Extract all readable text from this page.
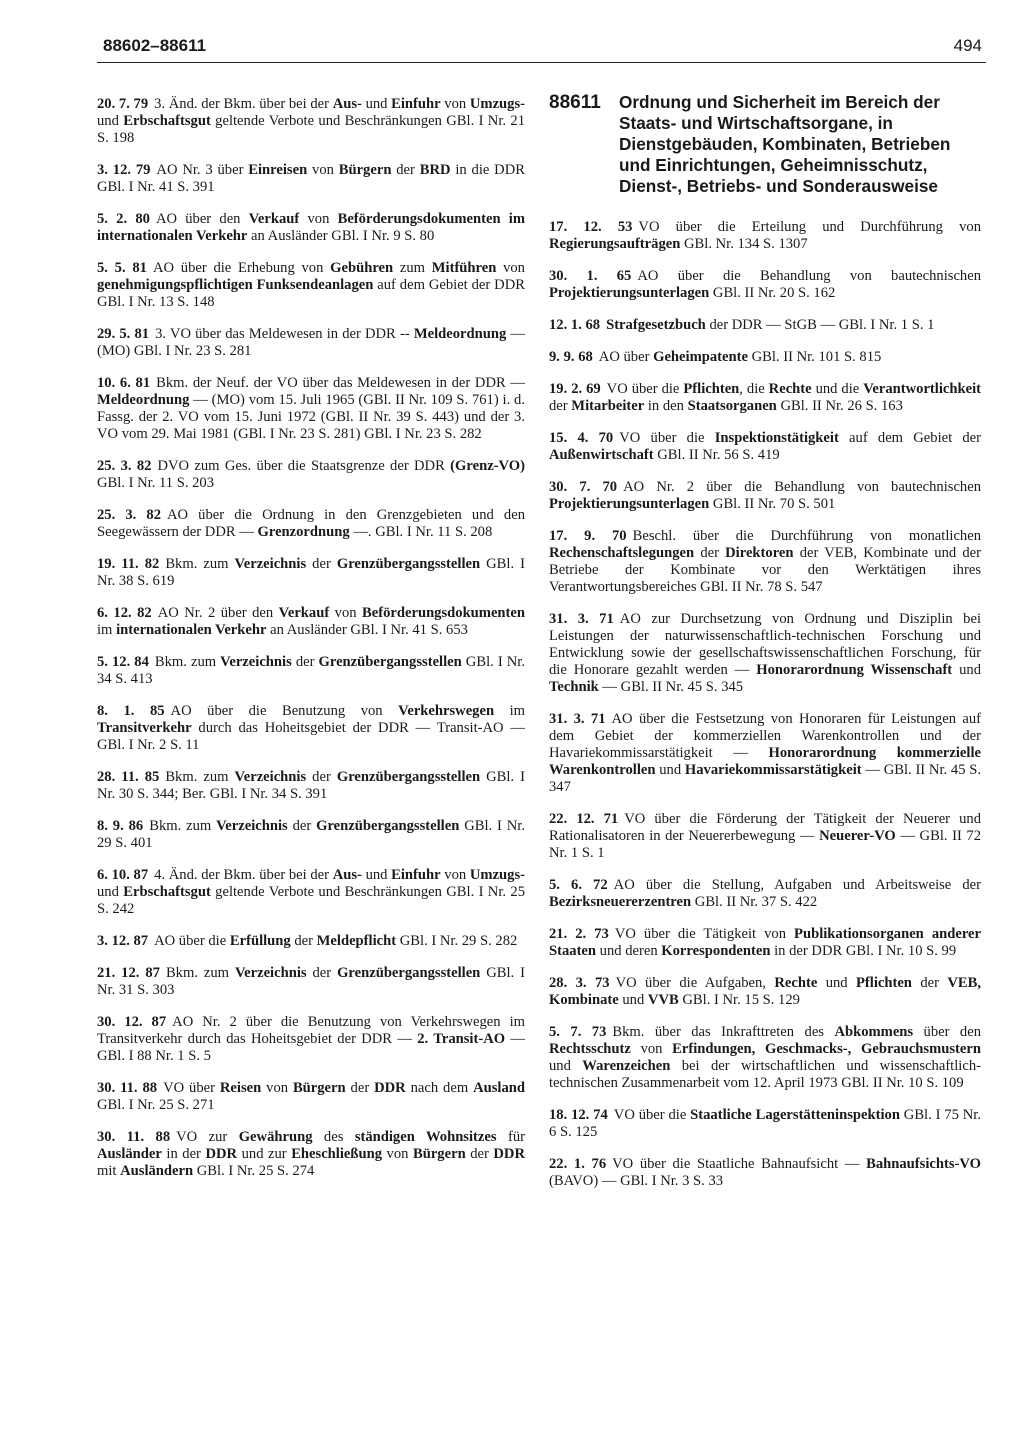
88602–88611	494

20. 7. 79 3. Änd. der Bkm. über bei der Aus- und Einfuhr von Umzugs- und Erbschaftsgut geltende Verbote und Beschränkungen GBl. I Nr. 21 S. 198

3. 12. 79 AO Nr. 3 über Einreisen von Bürgern der BRD in die DDR GBl. I Nr. 41 S. 391

5. 2. 80 AO über den Verkauf von Beförderungsdokumenten im internationalen Verkehr an Ausländer GBl. I Nr. 9 S. 80

5. 5. 81 AO über die Erhebung von Gebühren zum Mitführen von genehmigungspflichtigen Funksendeanlagen auf dem Gebiet der DDR GBl. I Nr. 13 S. 148

29. 5. 81 3. VO über das Meldewesen in der DDR -- Meldeordnung — (MO) GBl. I Nr. 23 S. 281

10. 6. 81 Bkm. der Neuf. der VO über das Meldewesen in der DDR — Meldeordnung — (MO) vom 15. Juli 1965 (GBl. II Nr. 109 S. 761) i. d. Fassg. der 2. VO vom 15. Juni 1972 (GBl. II Nr. 39 S. 443) und der 3. VO vom 29. Mai 1981 (GBl. I Nr. 23 S. 281) GBl. I Nr. 23 S. 282

25. 3. 82 DVO zum Ges. über die Staatsgrenze der DDR (Grenz-VO) GBl. I Nr. 11 S. 203

25. 3. 82 AO über die Ordnung in den Grenzgebieten und den Seegewässern der DDR — Grenzordnung —. GBl. I Nr. 11 S. 208

19. 11. 82 Bkm. zum Verzeichnis der Grenzübergangsstellen GBl. I Nr. 38 S. 619

6. 12. 82 AO Nr. 2 über den Verkauf von Beförderungsdokumenten im internationalen Verkehr an Ausländer GBl. I Nr. 41 S. 653

5. 12. 84 Bkm. zum Verzeichnis der Grenzübergangsstellen GBl. I Nr. 34 S. 413

8. 1. 85 AO über die Benutzung von Verkehrswegen im Transitverkehr durch das Hoheitsgebiet der DDR — Transit-AO — GBl. I Nr. 2 S. 11

28. 11. 85 Bkm. zum Verzeichnis der Grenzübergangsstellen GBl. I Nr. 30 S. 344; Ber. GBl. I Nr. 34 S. 391

8. 9. 86 Bkm. zum Verzeichnis der Grenzübergangsstellen GBl. I Nr. 29 S. 401

6. 10. 87 4. Änd. der Bkm. über bei der Aus- und Einfuhr von Umzugs- und Erbschaftsgut geltende Verbote und Beschränkungen GBl. I Nr. 25 S. 242

3. 12. 87 AO über die Erfüllung der Meldepflicht GBl. I Nr. 29 S. 282

21. 12. 87 Bkm. zum Verzeichnis der Grenzübergangsstellen GBl. I Nr. 31 S. 303

30. 12. 87 AO Nr. 2 über die Benutzung von Verkehrswegen im Transitverkehr durch das Hoheitsgebiet der DDR — 2. Transit-AO — GBl. I 88 Nr. 1 S. 5

30. 11. 88 VO über Reisen von Bürgern der DDR nach dem Ausland GBl. I Nr. 25 S. 271

30. 11. 88 VO zur Gewährung des ständigen Wohnsitzes für Ausländer in der DDR und zur Eheschließung von Bürgern der DDR mit Ausländern GBl. I Nr. 25 S. 274

88611	Ordnung und Sicherheit im Bereich der Staats- und Wirtschaftsorgane, in Dienstgebäuden, Kombinaten, Betrieben und Einrichtungen, Geheimnisschutz, Dienst-, Betriebs- und Sonderausweise

17. 12. 53 VO über die Erteilung und Durchführung von Regierungsaufträgen GBl. Nr. 134 S. 1307

30. 1. 65 AO über die Behandlung von bautechnischen Projektierungsunterlagen GBl. II Nr. 20 S. 162

12. 1. 68 Strafgesetzbuch der DDR — StGB — GBl. I Nr. 1 S. 1

9. 9. 68 AO über Geheimpatente GBl. II Nr. 101 S. 815

19. 2. 69 VO über die Pflichten, die Rechte und die Verantwortlichkeit der Mitarbeiter in den Staatsorganen GBl. II Nr. 26 S. 163

15. 4. 70 VO über die Inspektionstätigkeit auf dem Gebiet der Außenwirtschaft GBl. II Nr. 56 S. 419

30. 7. 70 AO Nr. 2 über die Behandlung von bautechnischen Projektierungsunterlagen GBl. II Nr. 70 S. 501

17. 9. 70 Beschl. über die Durchführung von monatlichen Rechenschaftslegungen der Direktoren der VEB, Kombinate und der Betriebe der Kombinate vor den Werktätigen ihres Verantwortungsbereiches GBl. II Nr. 78 S. 547

31. 3. 71 AO zur Durchsetzung von Ordnung und Disziplin bei Leistungen der naturwissenschaftlich-technischen Forschung und Entwicklung sowie der gesellschaftswissenschaftlichen Forschung, für die Honorare gezahlt werden — Honorarordnung Wissenschaft und Technik — GBl. II Nr. 45 S. 345

31. 3. 71 AO über die Festsetzung von Honoraren für Leistungen auf dem Gebiet der kommerziellen Warenkontrollen und der Havariekommissarstätigkeit — Honorarordnung kommerzielle Warenkontrollen und Havariekommissarstätigkeit — GBl. II Nr. 45 S. 347

22. 12. 71 VO über die Förderung der Tätigkeit der Neuerer und Rationalisatoren in der Neuererbewegung — Neuerer-VO — GBl. II 72 Nr. 1 S. 1

5. 6. 72 AO über die Stellung, Aufgaben und Arbeitsweise der Bezirksneuererzentren GBl. II Nr. 37 S. 422

21. 2. 73 VO über die Tätigkeit von Publikationsorganen anderer Staaten und deren Korrespondenten in der DDR GBl. I Nr. 10 S. 99

28. 3. 73 VO über die Aufgaben, Rechte und Pflichten der VEB, Kombinate und VVB GBl. I Nr. 15 S. 129

5. 7. 73 Bkm. über das Inkrafttreten des Abkommens über den Rechtsschutz von Erfindungen, Geschmacks-, Gebrauchsmustern und Warenzeichen bei der wirtschaftlichen und wissenschaftlich-technischen Zusammenarbeit vom 12. April 1973 GBl. II Nr. 10 S. 109

18. 12. 74 VO über die Staatliche Lagerstätteninspektion GBl. I 75 Nr. 6 S. 125

22. 1. 76 VO über die Staatliche Bahnaufsicht — Bahnaufsichts-VO (BAVO) — GBl. I Nr. 3 S. 33
